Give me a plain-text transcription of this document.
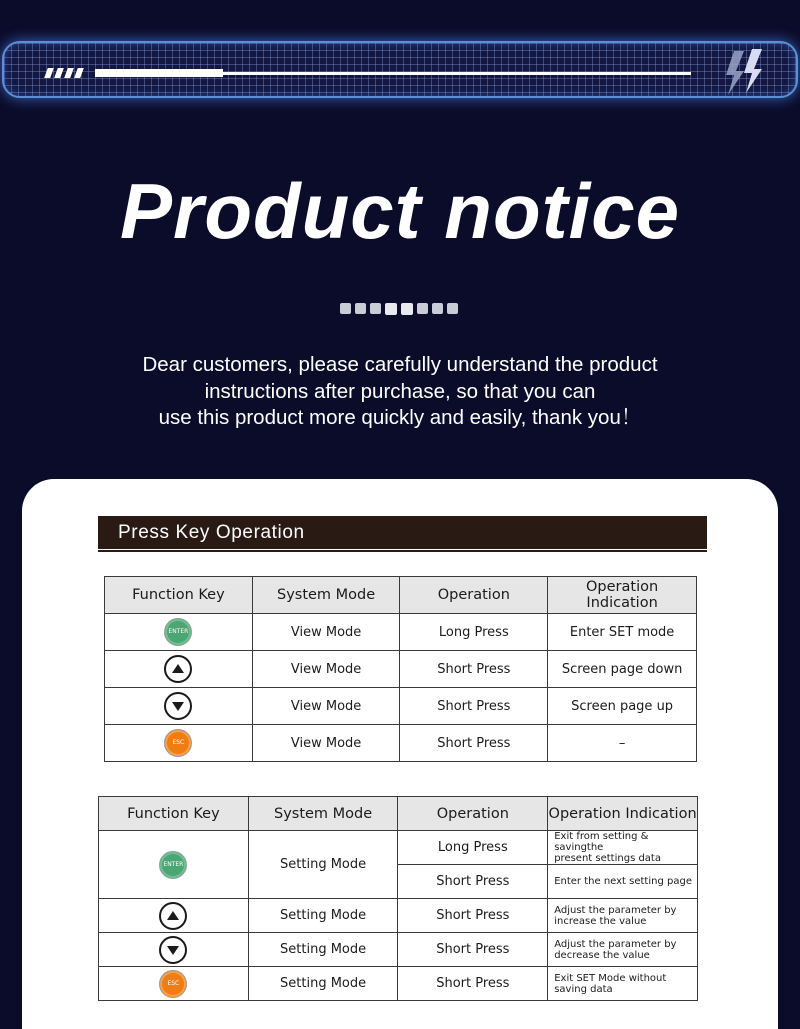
Product notice
Dear customers, please carefully understand the product
instructions after purchase, so that you can
use this product more quickly and easily, thank you！
Press Key Operation
Function Key	System Mode	Operation	Operation Indication

ENTER	View Mode	Long Press	Enter SET mode

	View Mode	Short Press	Screen page down

	View Mode	Short Press	Screen page up

ESC	View Mode	Short Press	–
Function Key	System Mode	Operation	Operation Indication

ENTER	Setting Mode	Long Press	Exit from setting & savingthe
present settings data

		Short Press	Enter the next setting page

	Setting Mode	Short Press	Adjust the parameter by
increase the value

	Setting Mode	Short Press	Adjust the parameter by
decrease the value

ESC	Setting Mode	Short Press	Exit SET Mode without
saving data
